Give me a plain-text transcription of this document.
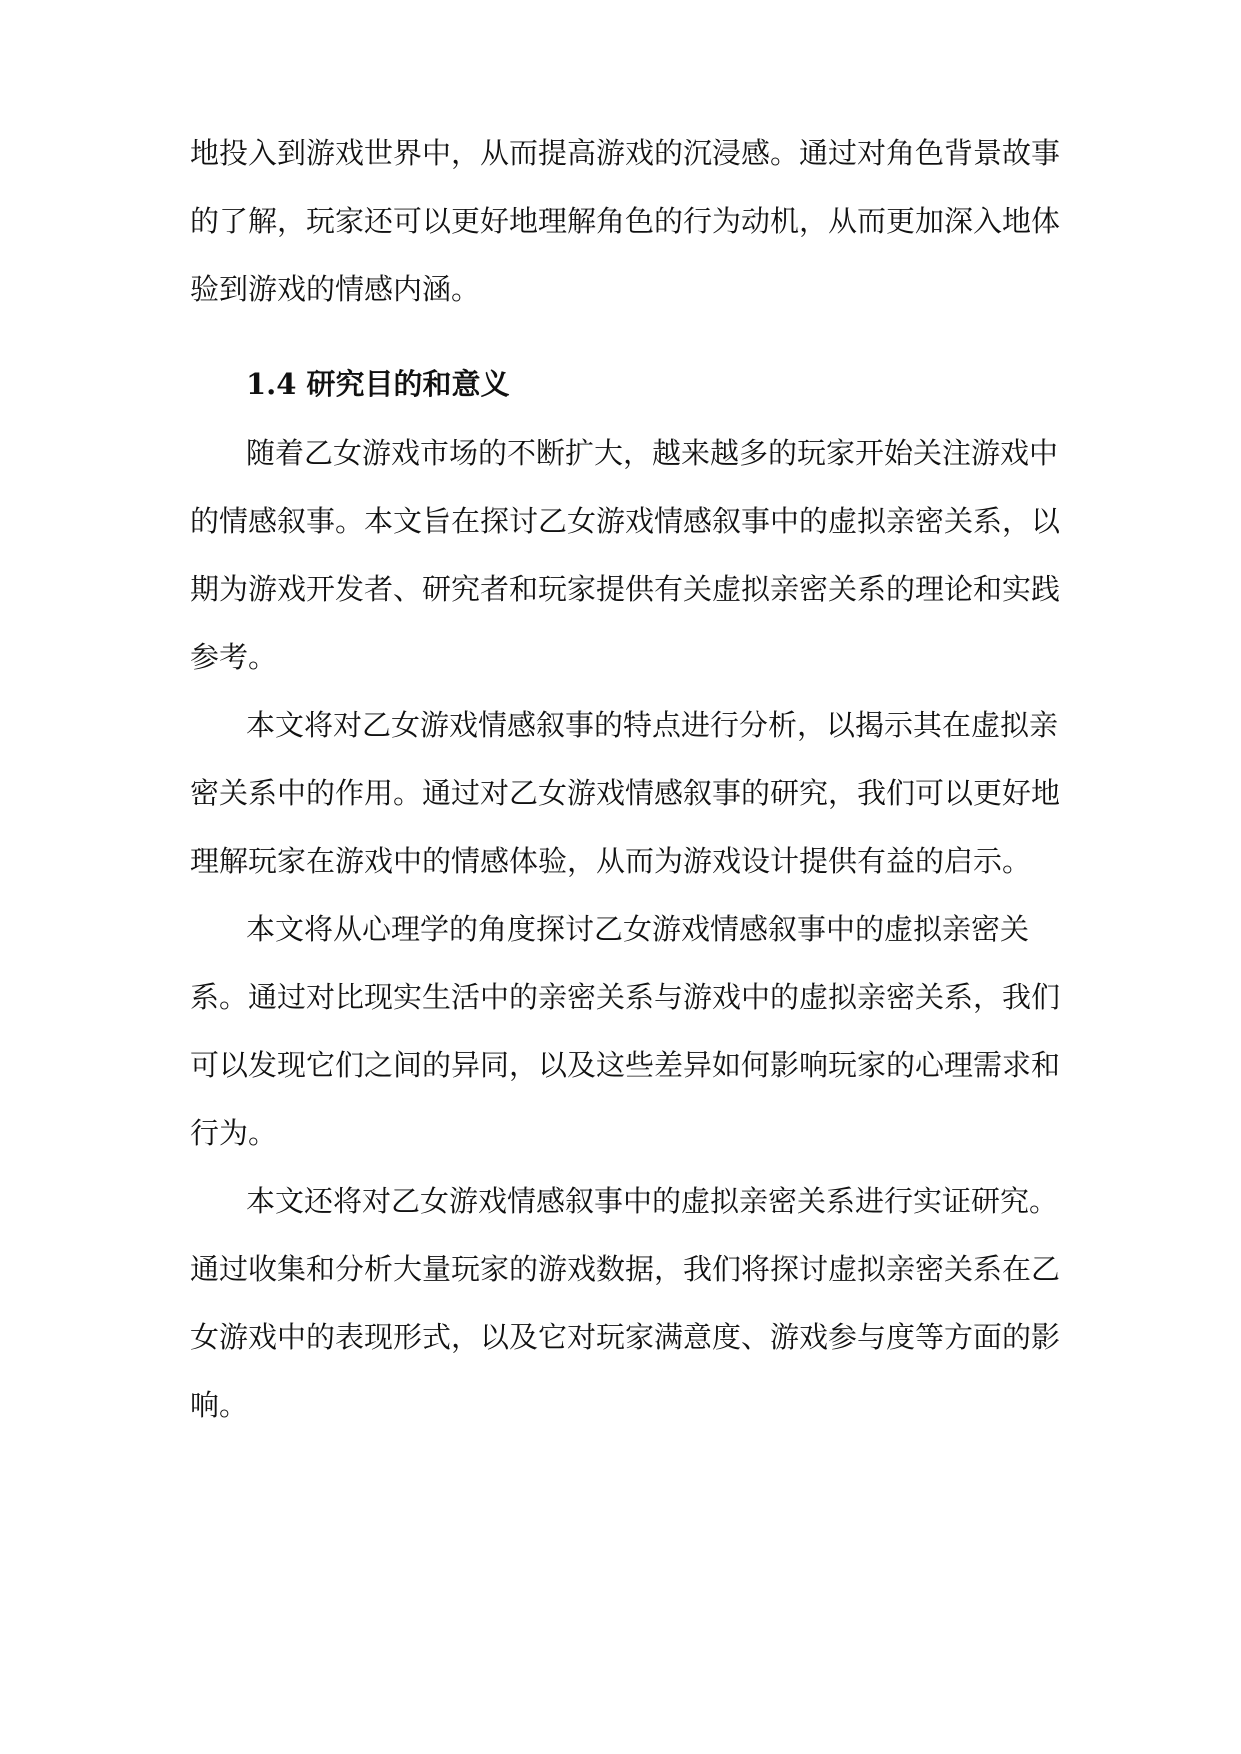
地投入到游戏世界中，从而提高游戏的沉浸感。通过对角色背景故事
的了解，玩家还可以更好地理解角色的行为动机，从而更加深入地体
验到游戏的情感内涵。
1.4 研究目的和意义
随着乙女游戏市场的不断扩大，越来越多的玩家开始关注游戏中
的情感叙事。本文旨在探讨乙女游戏情感叙事中的虚拟亲密关系，以
期为游戏开发者、研究者和玩家提供有关虚拟亲密关系的理论和实践
参考。
本文将对乙女游戏情感叙事的特点进行分析，以揭示其在虚拟亲
密关系中的作用。通过对乙女游戏情感叙事的研究，我们可以更好地
理解玩家在游戏中的情感体验，从而为游戏设计提供有益的启示。
本文将从心理学的角度探讨乙女游戏情感叙事中的虚拟亲密关
系。通过对比现实生活中的亲密关系与游戏中的虚拟亲密关系，我们
可以发现它们之间的异同，以及这些差异如何影响玩家的心理需求和
行为。
本文还将对乙女游戏情感叙事中的虚拟亲密关系进行实证研究。
通过收集和分析大量玩家的游戏数据，我们将探讨虚拟亲密关系在乙
女游戏中的表现形式，以及它对玩家满意度、游戏参与度等方面的影
响。
